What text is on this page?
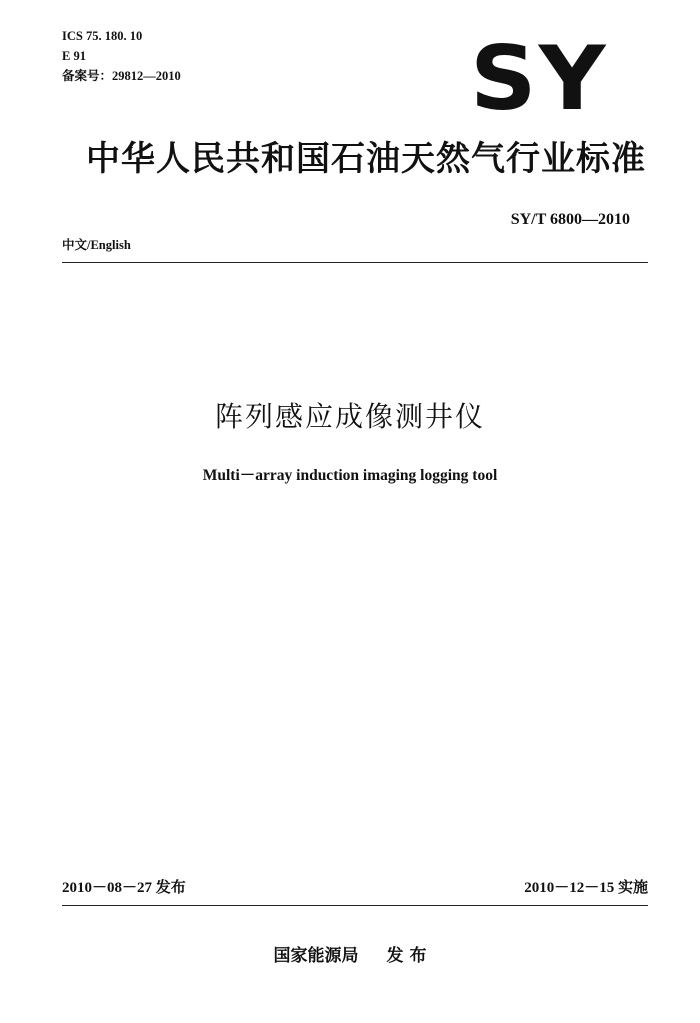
ICS 75. 180. 10
E 91
备案号：29812—2010	SY
中华人民共和国石油天然气行业标准
SY/T 6800—2010
中文/English
阵列感应成像测井仪
Multi－array induction imaging logging tool
2010－08－27 发布	2010－12－15 实施
国家能源局 发 布
